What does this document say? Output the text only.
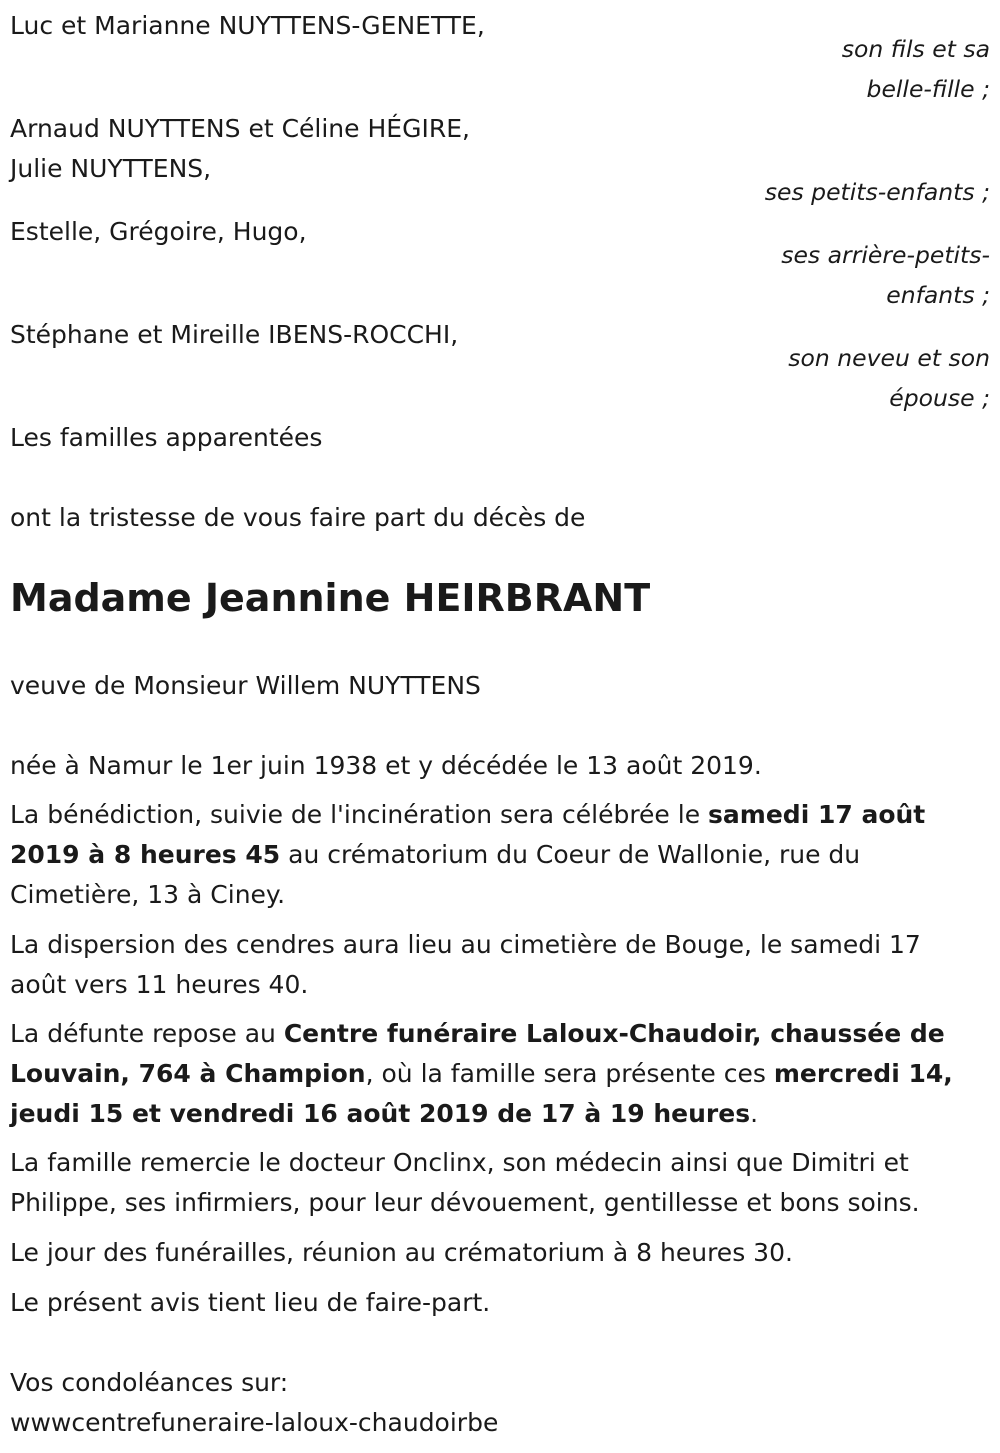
Luc et Marianne NUYTTENS-GENETTE,

son fils et sa

belle-fille ;

Arnaud NUYTTENS et Céline HÉGIRE,

Julie NUYTTENS,

ses petits-enfants ;

Estelle, Grégoire, Hugo,

ses arrière-petits-

enfants ;

Stéphane et Mireille IBENS-ROCCHI,

son neveu et son

épouse ;

Les familles apparentées

ont la tristesse de vous faire part du décès de

Madame Jeannine HEIRBRANT

veuve de Monsieur Willem NUYTTENS

née à Namur le 1er juin 1938 et y décédée le 13 août 2019.

La bénédiction, suivie de l'incinération sera célébrée le samedi 17 août 2019 à 8 heures 45 au crématorium du Coeur de Wallonie, rue du Cimetière, 13 à Ciney.

La dispersion des cendres aura lieu au cimetière de Bouge, le samedi 17 août vers 11 heures 40.

La défunte repose au Centre funéraire Laloux-Chaudoir, chaussée de Louvain, 764 à Champion, où la famille sera présente ces mercredi 14, jeudi 15 et vendredi 16 août 2019 de 17 à 19 heures.

La famille remercie le docteur Onclinx, son médecin ainsi que Dimitri et Philippe, ses infirmiers, pour leur dévouement, gentillesse et bons soins.

Le jour des funérailles, réunion au crématorium à 8 heures 30.

Le présent avis tient lieu de faire-part.

Vos condoléances sur:

wwwcentrefuneraire-laloux-chaudoirbe
